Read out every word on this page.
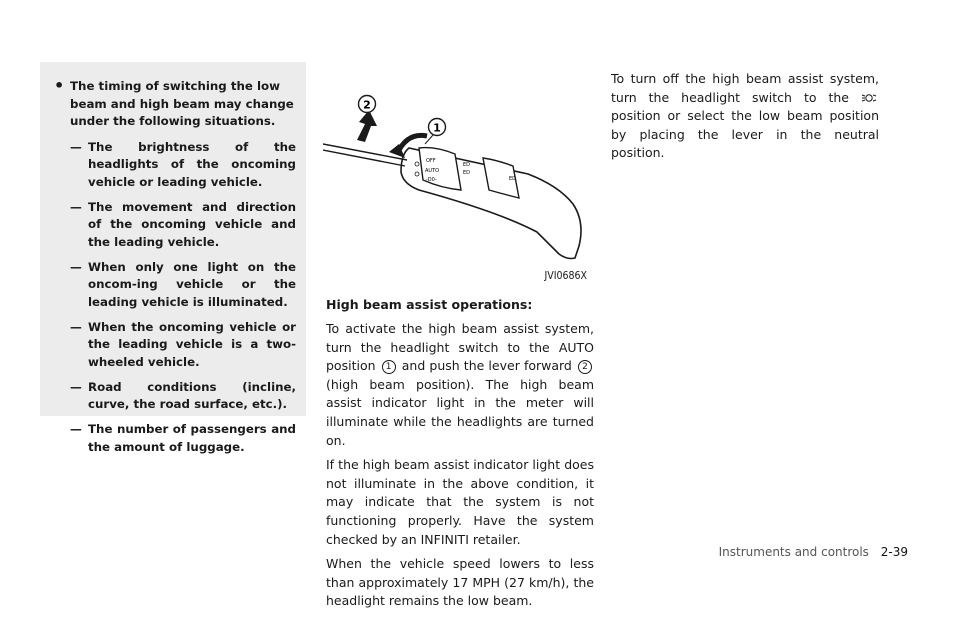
• The timing of switching the low beam and high beam may change under the following situations.
— The brightness of the headlights of the oncoming vehicle or leading vehicle.
— The movement and direction of the oncoming vehicle and the leading vehicle.
— When only one light on the oncom-ing vehicle or the leading vehicle is illuminated.
— When the oncoming vehicle or the leading vehicle is a two-wheeled vehicle.
— Road conditions (incline, curve, the road surface, etc.).
— The number of passengers and the amount of luggage.
OFF
AUTO
-D0-
ED
ED
ED
1
2
JVI0686X
High beam assist operations:

To activate the high beam assist system, turn the headlight switch to the AUTO position 1 and push the lever forward 2 (high beam position). The high beam assist indicator light in the meter will illuminate while the headlights are turned on.

If the high beam assist indicator light does not illuminate in the above condition, it may indicate that the system is not functioning properly. Have the system checked by an INFINITI retailer.

When the vehicle speed lowers to less than approximately 17 MPH (27 km/h), the headlight remains the low beam.

To turn off the high beam assist system, turn the headlight switch to the  position or select the low beam position by placing the lever in the neutral position.

Instruments and controls 2-39
